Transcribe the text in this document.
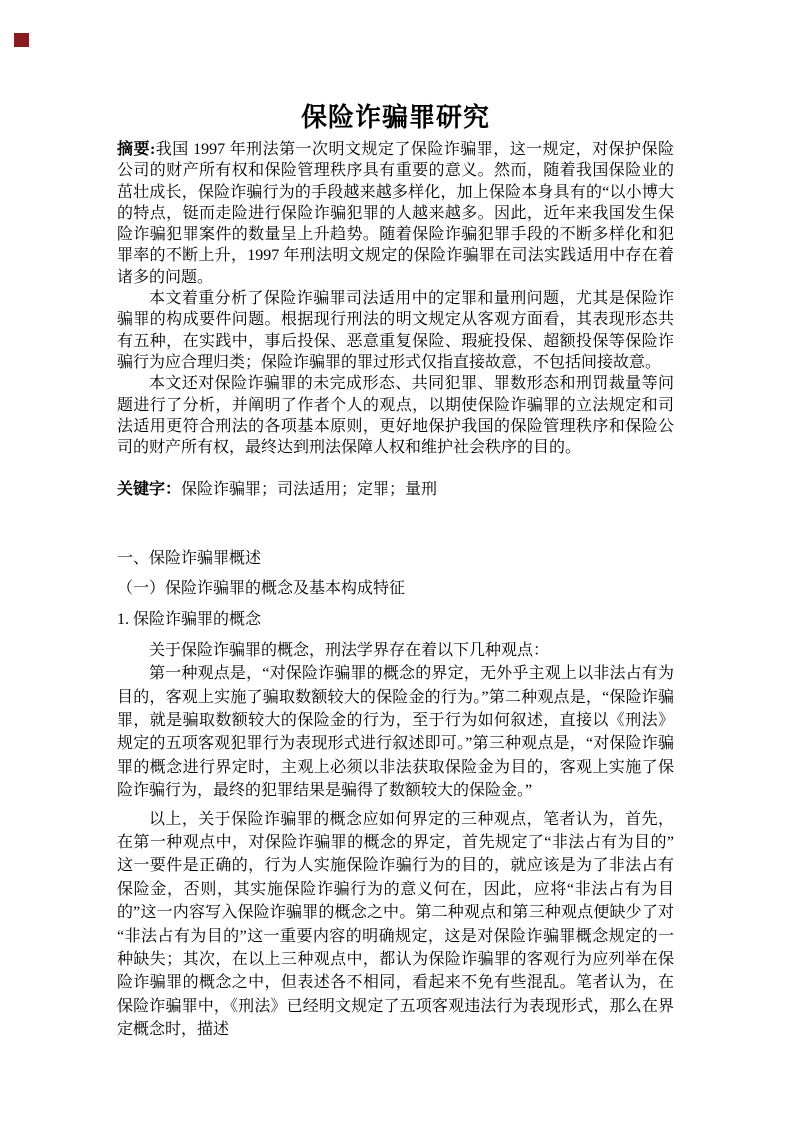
保险诈骗罪研究

摘要:我国 1997 年刑法第一次明文规定了保险诈骗罪，这一规定，对保护保险公司的财产所有权和保险管理秩序具有重要的意义。然而，随着我国保险业的茁壮成长，保险诈骗行为的手段越来越多样化，加上保险本身具有的“以小博大的特点，铤而走险进行保险诈骗犯罪的人越来越多。因此，近年来我国发生保险诈骗犯罪案件的数量呈上升趋势。随着保险诈骗犯罪手段的不断多样化和犯罪率的不断上升，1997 年刑法明文规定的保险诈骗罪在司法实践适用中存在着诸多的问题。

本文着重分析了保险诈骗罪司法适用中的定罪和量刑问题，尤其是保险诈骗罪的构成要件问题。根据现行刑法的明文规定从客观方面看，其表现形态共有五种，在实践中，事后投保、恶意重复保险、瑕疵投保、超额投保等保险诈骗行为应合理归类；保险诈骗罪的罪过形式仅指直接故意，不包括间接故意。

本文还对保险诈骗罪的未完成形态、共同犯罪、罪数形态和刑罚裁量等问题进行了分析，并阐明了作者个人的观点，以期使保险诈骗罪的立法规定和司法适用更符合刑法的各项基本原则，更好地保护我国的保险管理秩序和保险公司的财产所有权，最终达到刑法保障人权和维护社会秩序的目的。

关键字：保险诈骗罪；司法适用；定罪；量刑

一、保险诈骗罪概述

（一）保险诈骗罪的概念及基本构成特征

1. 保险诈骗罪的概念

关于保险诈骗罪的概念，刑法学界存在着以下几种观点：

第一种观点是，“对保险诈骗罪的概念的界定，无外乎主观上以非法占有为目的，客观上实施了骗取数额较大的保险金的行为。”第二种观点是，“保险诈骗罪，就是骗取数额较大的保险金的行为，至于行为如何叙述，直接以《刑法》规定的五项客观犯罪行为表现形式进行叙述即可。”第三种观点是，“对保险诈骗罪的概念进行界定时，主观上必须以非法获取保险金为目的，客观上实施了保险诈骗行为，最终的犯罪结果是骗得了数额较大的保险金。”

以上，关于保险诈骗罪的概念应如何界定的三种观点，笔者认为，首先，在第一种观点中，对保险诈骗罪的概念的界定，首先规定了“非法占有为目的”这一要件是正确的，行为人实施保险诈骗行为的目的，就应该是为了非法占有保险金，否则，其实施保险诈骗行为的意义何在，因此，应将“非法占有为目的”这一内容写入保险诈骗罪的概念之中。第二种观点和第三种观点便缺少了对“非法占有为目的”这一重要内容的明确规定，这是对保险诈骗罪概念规定的一种缺失；其次，在以上三种观点中，都认为保险诈骗罪的客观行为应列举在保险诈骗罪的概念之中，但表述各不相同，看起来不免有些混乱。笔者认为，在保险诈骗罪中，《刑法》已经明文规定了五项客观违法行为表现形式，那么在界定概念时，描述
